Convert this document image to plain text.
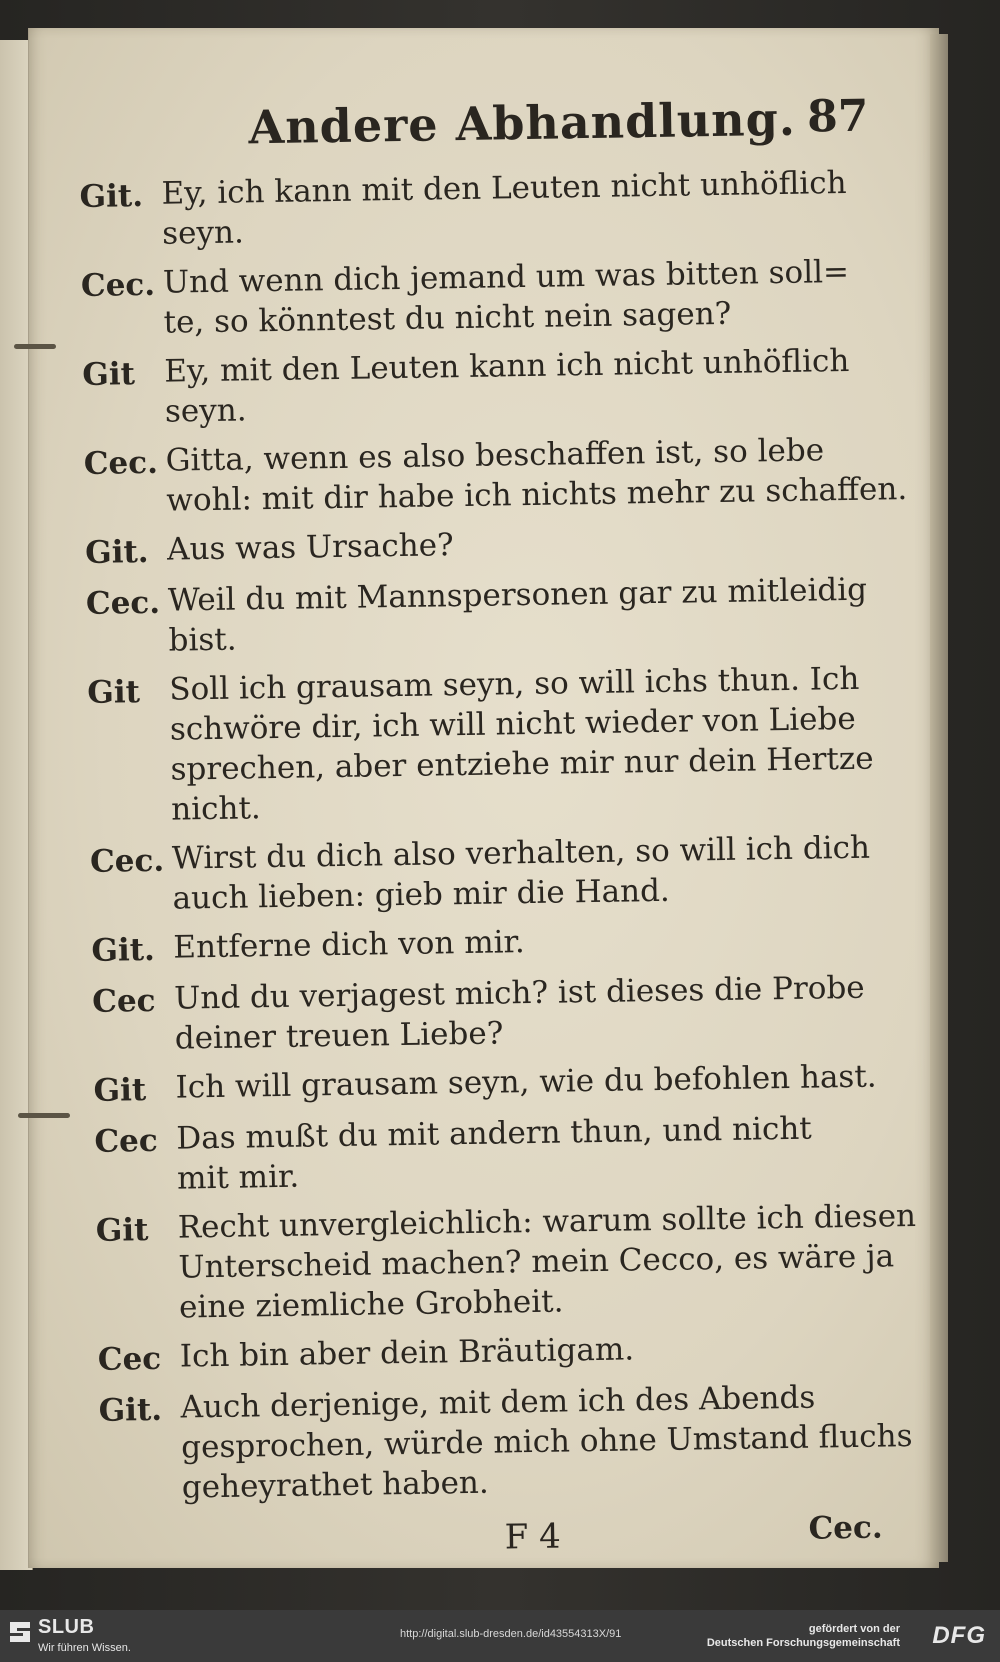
Andere Abhandlung. 87
Git. Ey, ich kann mit den Leuten nicht unhöflich
seyn.
Cec. Und wenn dich jemand um was bitten soll=
te, so könntest du nicht nein sagen?
Git Ey, mit den Leuten kann ich nicht unhöflich
seyn.
Cec. Gitta, wenn es also beschaffen ist, so lebe
wohl: mit dir habe ich nichts mehr zu schaffen.
Git. Aus was Ursache?
Cec. Weil du mit Mannspersonen gar zu mitleidig
bist.
Git Soll ich grausam seyn, so will ichs thun. Ich
schwöre dir, ich will nicht wieder von Liebe
sprechen, aber entziehe mir nur dein Hertze
nicht.
Cec. Wirst du dich also verhalten, so will ich dich
auch lieben: gieb mir die Hand.
Git. Entferne dich von mir.
Cec Und du verjagest mich? ist dieses die Probe
deiner treuen Liebe?
Git Ich will grausam seyn, wie du befohlen hast.
Cec Das mußt du mit andern thun, und nicht
mit mir.
Git Recht unvergleichlich: warum sollte ich diesen
Unterscheid machen? mein Cecco, es wäre ja
eine ziemliche Grobheit.
Cec Ich bin aber dein Bräutigam.
Git. Auch derjenige, mit dem ich des Abends
gesprochen, würde mich ohne Umstand fluchs
geheyrathet haben.
F 4	Cec.
SLUB
Wir führen Wissen.
http://digital.slub-dresden.de/id43554313X/91	gefördert von der
Deutschen Forschungsgemeinschaft DFG
